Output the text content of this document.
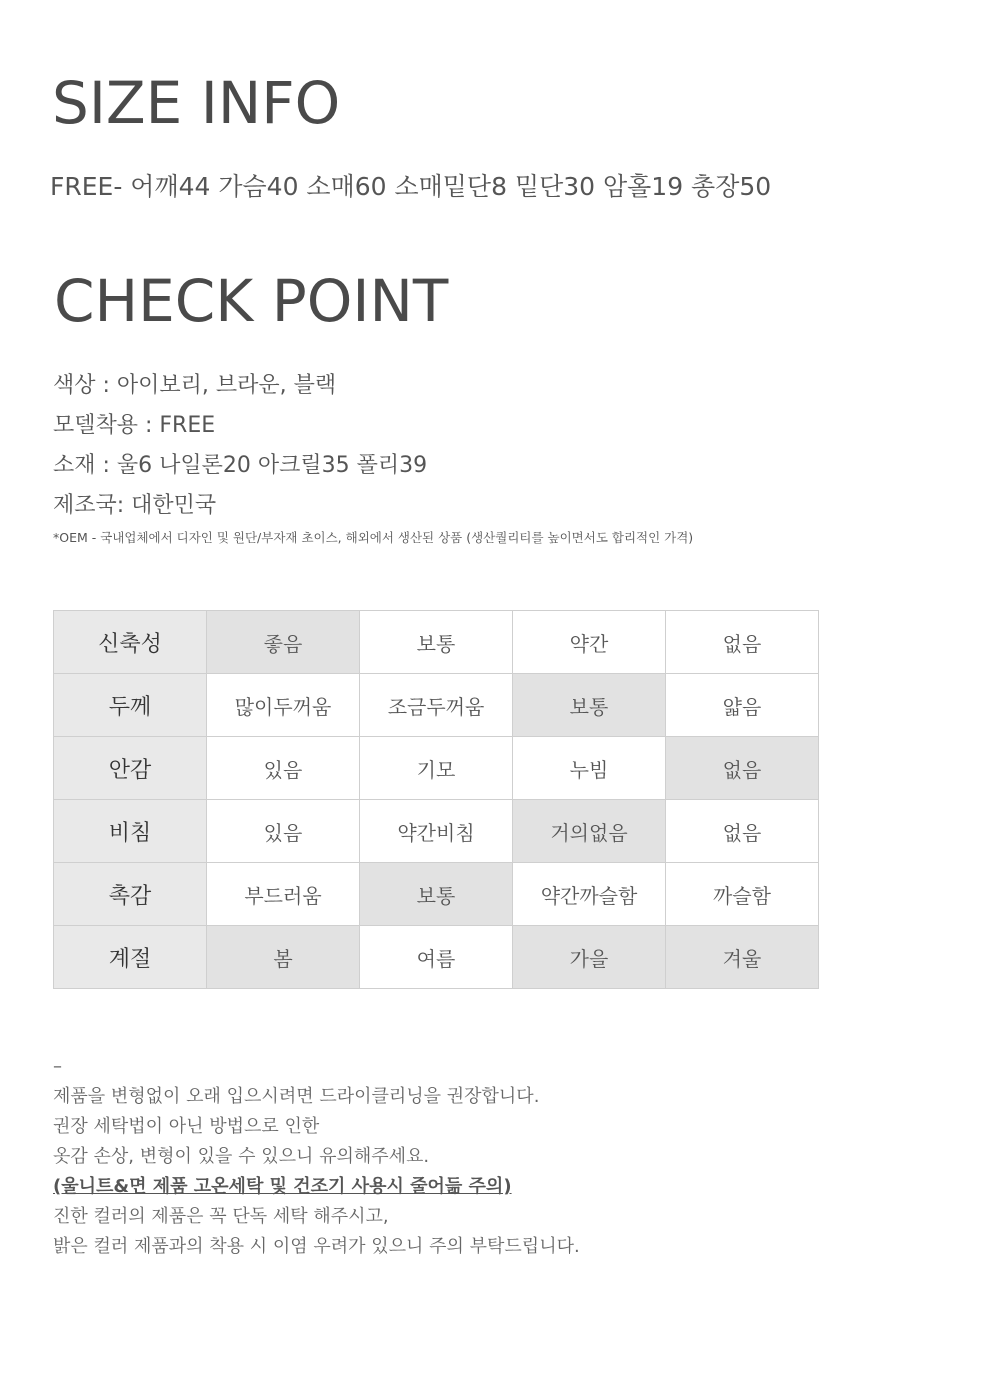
SIZE INFO
FREE- 어깨44 가슴40 소매60 소매밑단8 밑단30 암홀19 총장50
CHECK POINT
색상 : 아이보리, 브라운, 블랙
모델착용 : FREE
소재 : 울6 나일론20 아크릴35 폴리39
제조국: 대한민국
*OEM - 국내업체에서 디자인 및 원단/부자재 초이스, 해외에서 생산된 상품 (생산퀄리티를 높이면서도 합리적인 가격)
신축성	좋음	보통	약간	없음
두께	많이두꺼움	조금두꺼움	보통	얇음
안감	있음	기모	누빔	없음
비침	있음	약간비침	거의없음	없음
촉감	부드러움	보통	약간까슬함	까슬함
계절	봄	여름	가을	겨울
–
제품을 변형없이 오래 입으시려면 드라이클리닝을 권장합니다.
권장 세탁법이 아닌 방법으로 인한
옷감 손상, 변형이 있을 수 있으니 유의해주세요.
(울니트&면 제품 고온세탁 및 건조기 사용시 줄어듦 주의)
진한 컬러의 제품은 꼭 단독 세탁 해주시고,
밝은 컬러 제품과의 착용 시 이염 우려가 있으니 주의 부탁드립니다.
